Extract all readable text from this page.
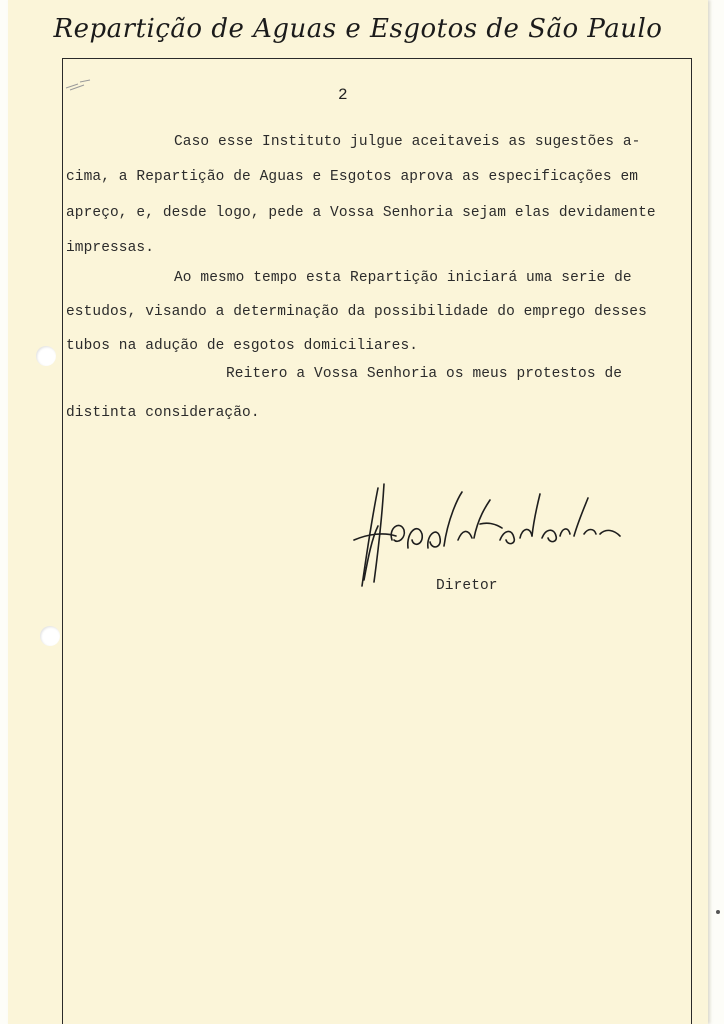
Repartição de Aguas e Esgotos de São Paulo
2
Caso esse Instituto julgue aceitaveis as sugestões a-
cima, a Repartição de Aguas e Esgotos aprova as especificações em
apreço, e, desde logo, pede a Vossa Senhoria sejam elas devidamente
impressas.
Ao mesmo tempo esta Repartição iniciará uma serie de
estudos, visando a determinação da possibilidade do emprego desses
tubos na adução de esgotos domiciliares.
Reitero a Vossa Senhoria os meus protestos de
distinta consideração.
Diretor
